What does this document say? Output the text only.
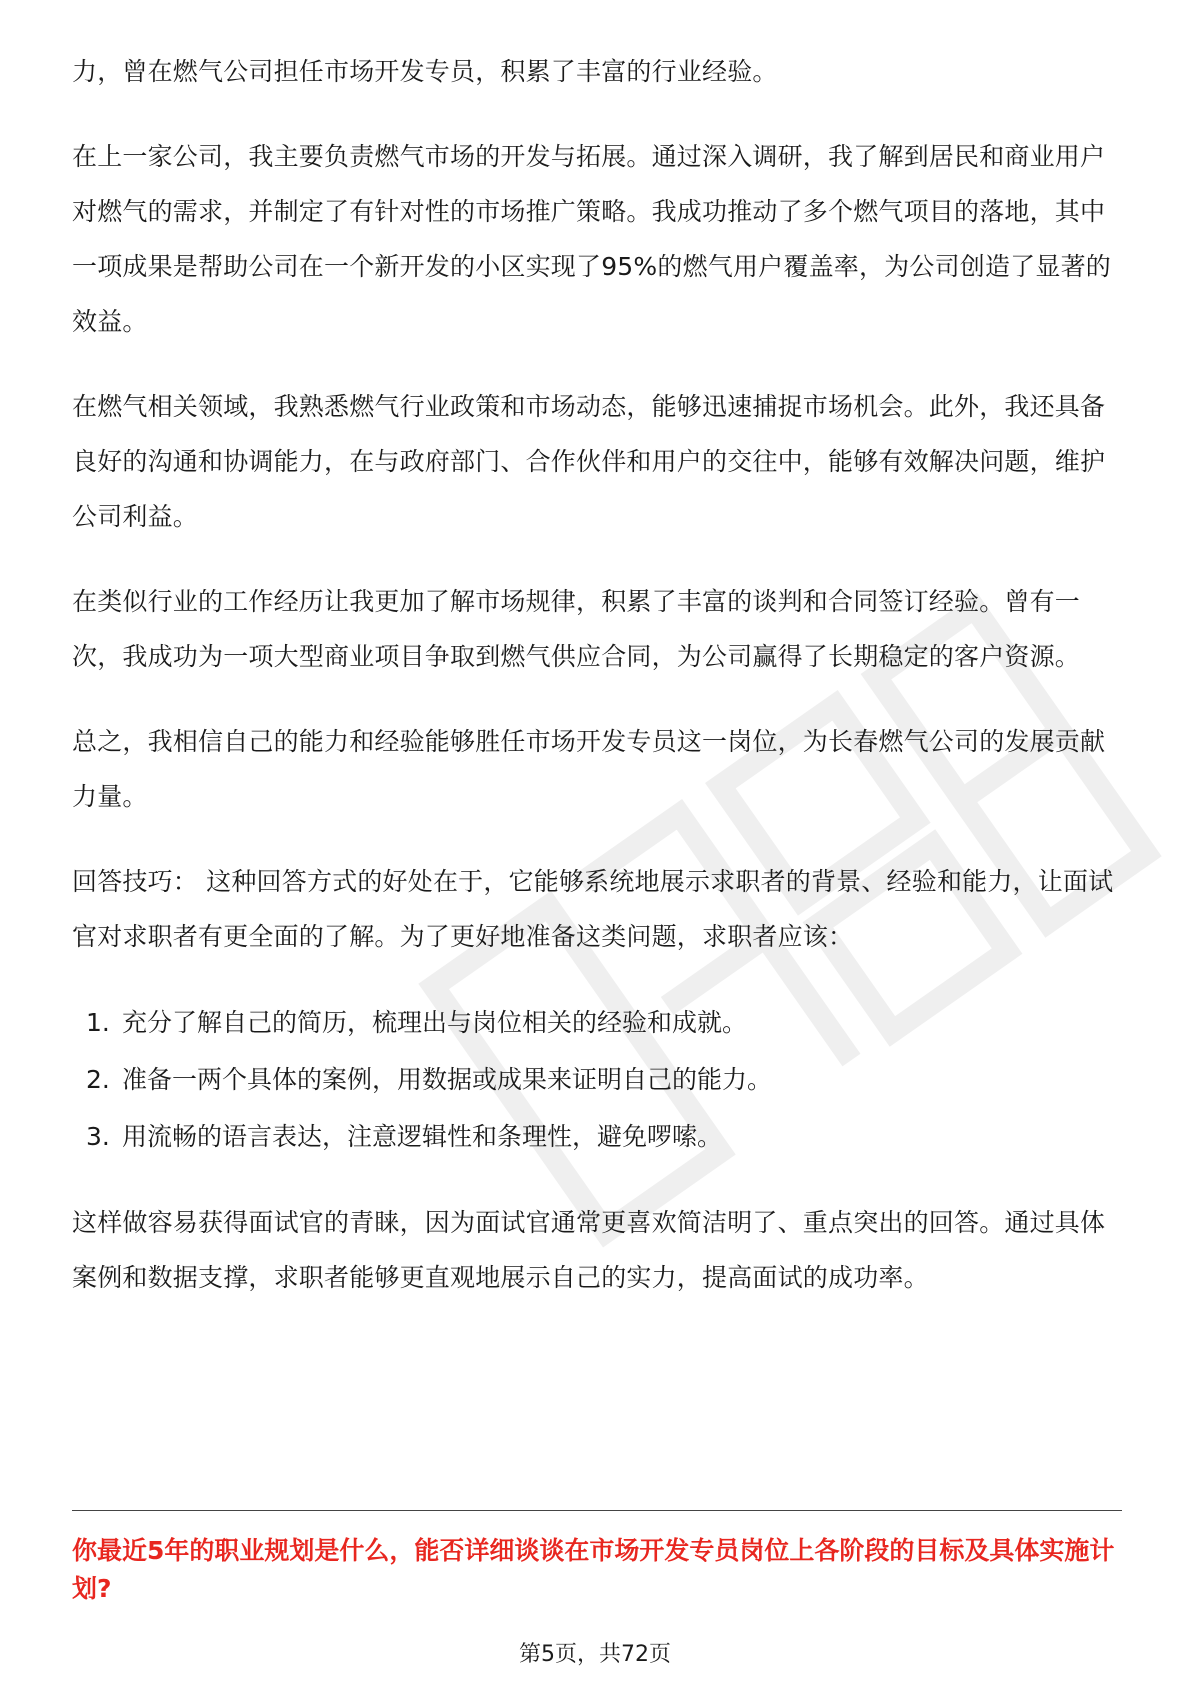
力，曾在燃气公司担任市场开发专员，积累了丰富的行业经验。

在上一家公司，我主要负责燃气市场的开发与拓展。通过深入调研，我了解到居民和商业用户对燃气的需求，并制定了有针对性的市场推广策略。我成功推动了多个燃气项目的落地，其中一项成果是帮助公司在一个新开发的小区实现了95%的燃气用户覆盖率，为公司创造了显著的效益。

在燃气相关领域，我熟悉燃气行业政策和市场动态，能够迅速捕捉市场机会。此外，我还具备良好的沟通和协调能力，在与政府部门、合作伙伴和用户的交往中，能够有效解决问题，维护公司利益。

在类似行业的工作经历让我更加了解市场规律，积累了丰富的谈判和合同签订经验。曾有一次，我成功为一项大型商业项目争取到燃气供应合同，为公司赢得了长期稳定的客户资源。

总之，我相信自己的能力和经验能够胜任市场开发专员这一岗位，为长春燃气公司的发展贡献力量。

回答技巧： 这种回答方式的好处在于，它能够系统地展示求职者的背景、经验和能力，让面试官对求职者有更全面的了解。为了更好地准备这类问题，求职者应该：

1. 充分了解自己的简历，梳理出与岗位相关的经验和成就。
2. 准备一两个具体的案例，用数据或成果来证明自己的能力。
3. 用流畅的语言表达，注意逻辑性和条理性，避免啰嗦。

这样做容易获得面试官的青睐，因为面试官通常更喜欢简洁明了、重点突出的回答。通过具体案例和数据支撑，求职者能够更直观地展示自己的实力，提高面试的成功率。

你最近5年的职业规划是什么，能否详细谈谈在市场开发专员岗位上各阶段的目标及具体实施计划?

第5页，共72页
